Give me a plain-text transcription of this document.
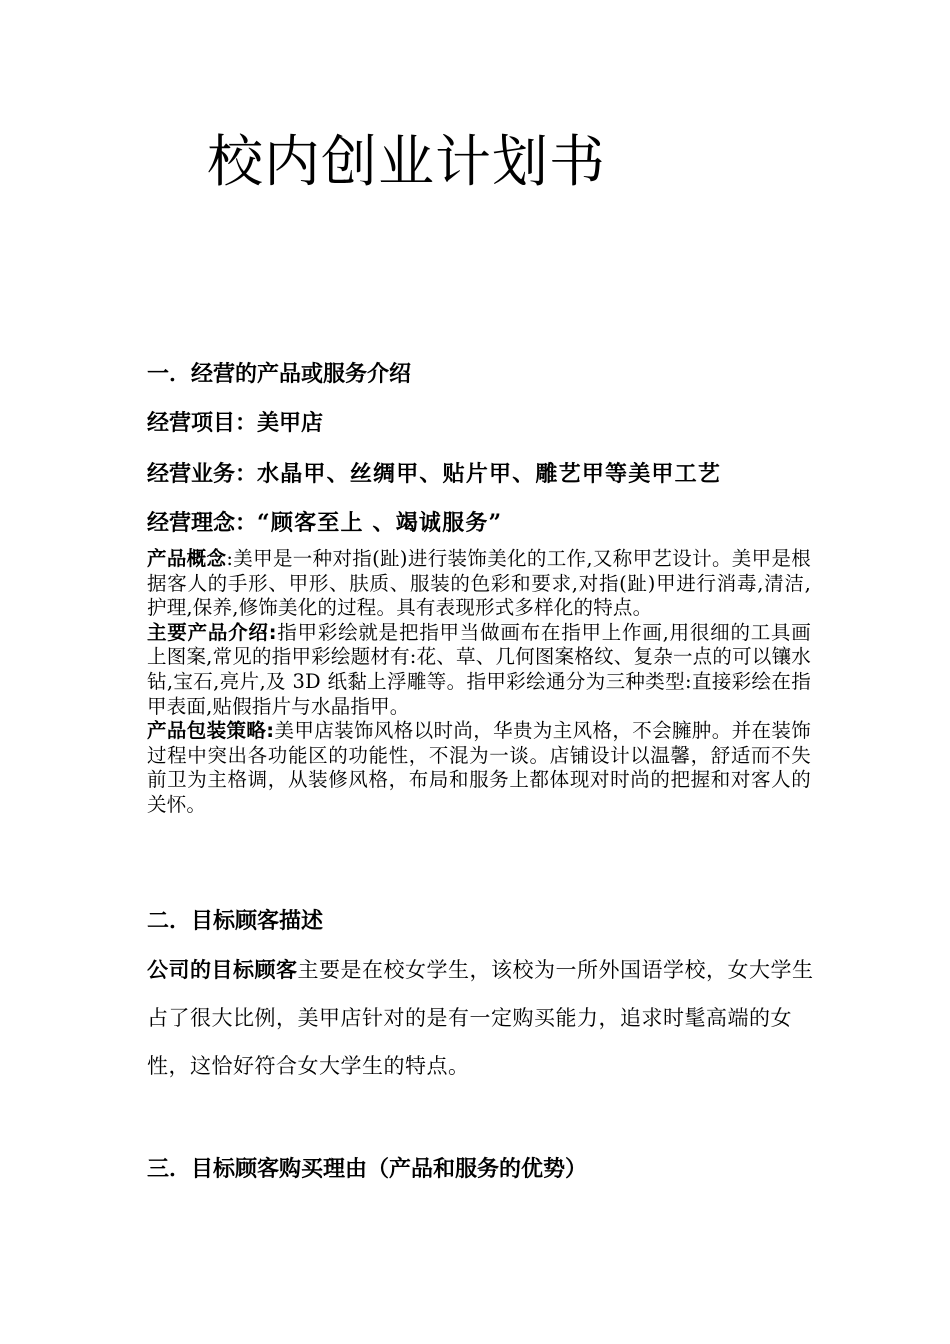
校内创业计划书
一．经营的产品或服务介绍
经营项目：美甲店
经营业务：水晶甲、丝绸甲、贴片甲、雕艺甲等美甲工艺
经营理念：“顾客至上 、竭诚服务”
产品概念:美甲是一种对指(趾)进行装饰美化的工作,又称甲艺设计。美甲是根据客人的手形、甲形、肤质、服装的色彩和要求,对指(趾)甲进行消毒,清洁,护理,保养,修饰美化的过程。具有表现形式多样化的特点。
主要产品介绍:指甲彩绘就是把指甲当做画布在指甲上作画,用很细的工具画上图案,常见的指甲彩绘题材有:花、草、几何图案格纹、复杂一点的可以镶水钻,宝石,亮片,及 3D 纸黏上浮雕等。指甲彩绘通分为三种类型:直接彩绘在指甲表面,贴假指片与水晶指甲。
产品包装策略:美甲店装饰风格以时尚，华贵为主风格，不会臃肿。并在装饰过程中突出各功能区的功能性，不混为一谈。店铺设计以温馨，舒适而不失前卫为主格调，从装修风格，布局和服务上都体现对时尚的把握和对客人的关怀。
二．目标顾客描述
公司的目标顾客主要是在校女学生，该校为一所外国语学校，女大学生占了很大比例，美甲店针对的是有一定购买能力，追求时髦高端的女性，这恰好符合女大学生的特点。
三．目标顾客购买理由（产品和服务的优势）
